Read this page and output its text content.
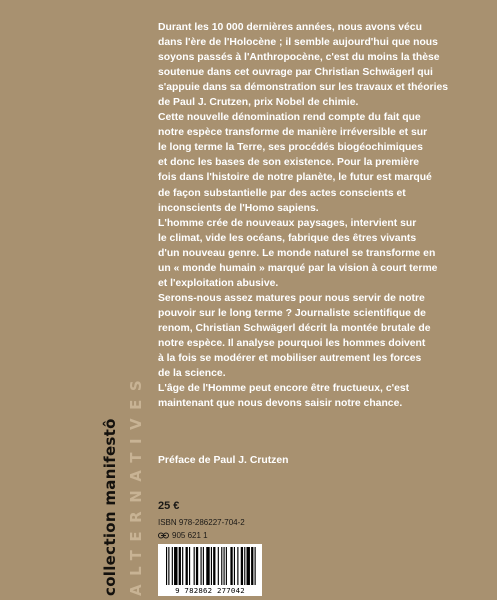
collection manifestô ALTERNATIVES

Durant les 10 000 dernières années, nous avons vécu
dans l'ère de l'Holocène ; il semble aujourd'hui que nous
soyons passés à l'Anthropocène, c'est du moins la thèse
soutenue dans cet ouvrage par Christian Schwägerl qui
s'appuie dans sa démonstration sur les travaux et théories
de Paul J. Crutzen, prix Nobel de chimie.

Cette nouvelle dénomination rend compte du fait que
notre espèce transforme de manière irréversible et sur
le long terme la Terre, ses procédés biogéochimiques
et donc les bases de son existence. Pour la première
fois dans l'histoire de notre planète, le futur est marqué
de façon substantielle par des actes conscients et
inconscients de l'Homo sapiens.

L'homme crée de nouveaux paysages, intervient sur
le climat, vide les océans, fabrique des êtres vivants
d'un nouveau genre. Le monde naturel se transforme en
un « monde humain » marqué par la vision à court terme
et l'exploitation abusive.

Serons-nous assez matures pour nous servir de notre
pouvoir sur le long terme ? Journaliste scientifique de
renom, Christian Schwägerl décrit la montée brutale de
notre espèce. Il analyse pourquoi les hommes doivent
à la fois se modérer et mobiliser autrement les forces
de la science.

L'âge de l'Homme peut encore être fructueux, c'est
maintenant que nous devons saisir notre chance.

Préface de Paul J. Crutzen
25 €
ISBN 978-286227-704-2
905 621 1
9 782862 277042
